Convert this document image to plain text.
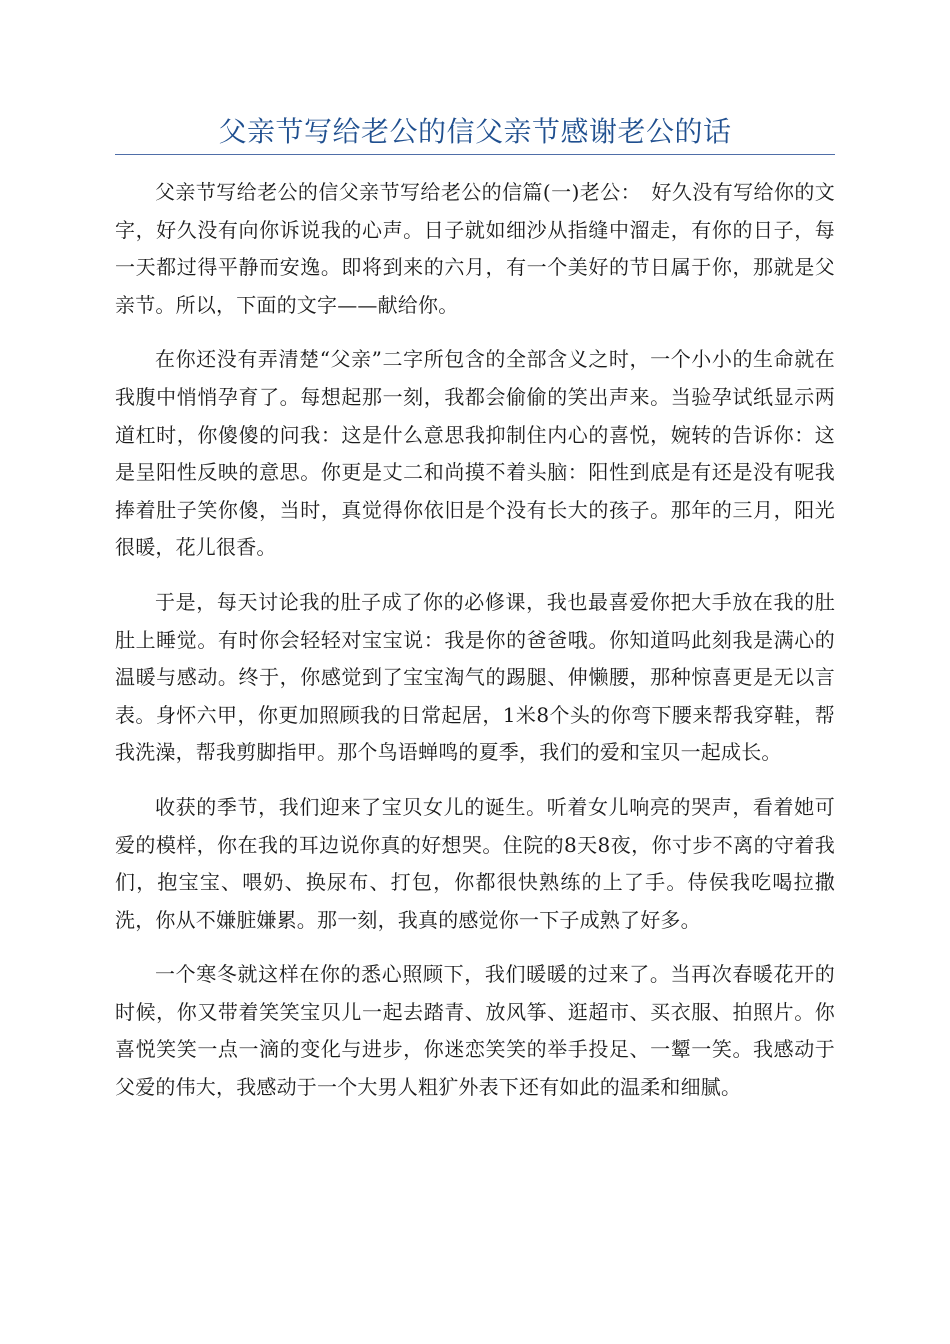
父亲节写给老公的信父亲节感谢老公的话

父亲节写给老公的信父亲节写给老公的信篇(一)老公：　好久没有写给你的文字，好久没有向你诉说我的心声。日子就如细沙从指缝中溜走，有你的日子，每一天都过得平静而安逸。即将到来的六月，有一个美好的节日属于你，那就是父亲节。所以，下面的文字——献给你。

在你还没有弄清楚“父亲”二字所包含的全部含义之时，一个小小的生命就在我腹中悄悄孕育了。每想起那一刻，我都会偷偷的笑出声来。当验孕试纸显示两道杠时，你傻傻的问我：这是什么意思我抑制住内心的喜悦，婉转的告诉你：这是呈阳性反映的意思。你更是丈二和尚摸不着头脑：阳性到底是有还是没有呢我捧着肚子笑你傻，当时，真觉得你依旧是个没有长大的孩子。那年的三月，阳光很暖，花儿很香。

于是，每天讨论我的肚子成了你的必修课，我也最喜爱你把大手放在我的肚肚上睡觉。有时你会轻轻对宝宝说：我是你的爸爸哦。你知道吗此刻我是满心的温暖与感动。终于，你感觉到了宝宝淘气的踢腿、伸懒腰，那种惊喜更是无以言表。身怀六甲，你更加照顾我的日常起居，1米8个头的你弯下腰来帮我穿鞋，帮我洗澡，帮我剪脚指甲。那个鸟语蝉鸣的夏季，我们的爱和宝贝一起成长。

收获的季节，我们迎来了宝贝女儿的诞生。听着女儿响亮的哭声，看着她可爱的模样，你在我的耳边说你真的好想哭。住院的8天8夜，你寸步不离的守着我们，抱宝宝、喂奶、换尿布、打包，你都很快熟练的上了手。侍侯我吃喝拉撒洗，你从不嫌脏嫌累。那一刻，我真的感觉你一下子成熟了好多。

一个寒冬就这样在你的悉心照顾下，我们暖暖的过来了。当再次春暖花开的时候，你又带着笑笑宝贝儿一起去踏青、放风筝、逛超市、买衣服、拍照片。你喜悦笑笑一点一滴的变化与进步，你迷恋笑笑的举手投足、一颦一笑。我感动于父爱的伟大，我感动于一个大男人粗犷外表下还有如此的温柔和细腻。
